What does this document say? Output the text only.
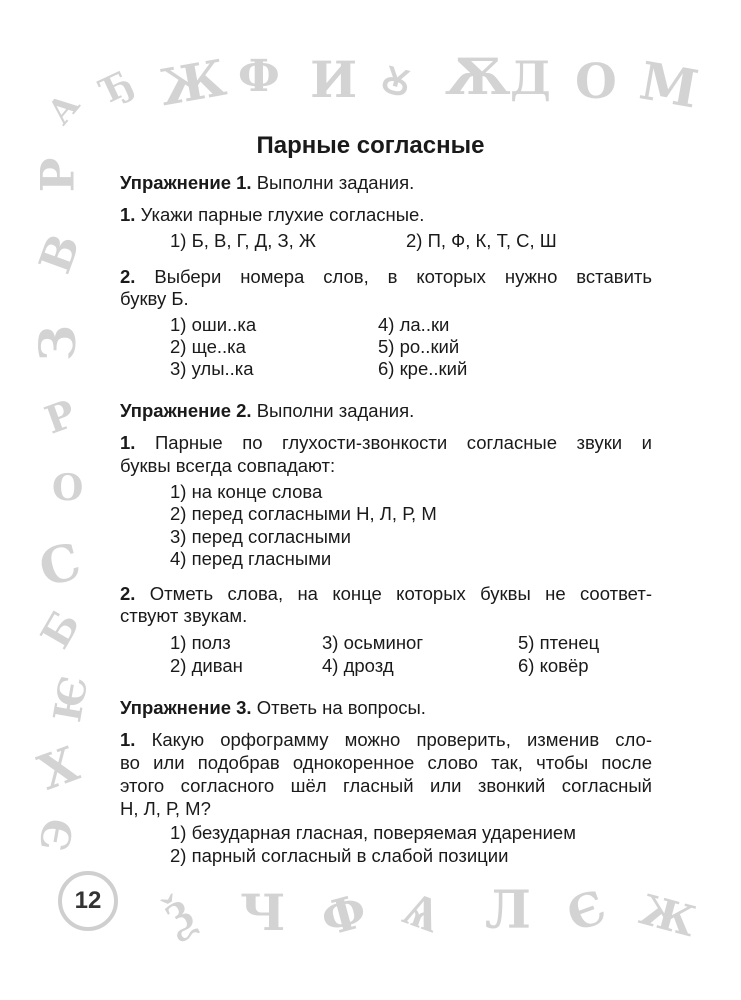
А Ђ Ж Ф И Ꙋ Ѫ Д О М
Р
В
З
Р
О
С
Б
Ѥ
Х
Э
Ѯ Ч Ф Ѧ Л Є Ж
Парные согласные
Упражнение 1. Выполни задания.
1. Укажи парные глухие согласные.
1) Б, В, Г, Д, З, Ж	2) П, Ф, К, Т, С, Ш
2. Выбери номера слов, в которых нужно вставить
букву Б.
1) оши..ка
2) ще..ка
3) улы..ка
4) ла..ки
5) ро..кий
6) кре..кий
Упражнение 2. Выполни задания.
1. Парные по глухости-звонкости согласные звуки и
буквы всегда совпадают:
1) на конце слова
2) перед согласными Н, Л, Р, М
3) перед согласными
4) перед гласными
2. Отметь слова, на конце которых буквы не соответ-
ствуют звукам.
1) полз
2) диван
3) осьминог
4) дрозд
5) птенец
6) ковёр
Упражнение 3. Ответь на вопросы.
1. Какую орфограмму можно проверить, изменив сло-
во или подобрав однокоренное слово так, чтобы после
этого согласного шёл гласный или звонкий согласный
Н, Л, Р, М?
1) безударная гласная, поверяемая ударением
2) парный согласный в слабой позиции
12
